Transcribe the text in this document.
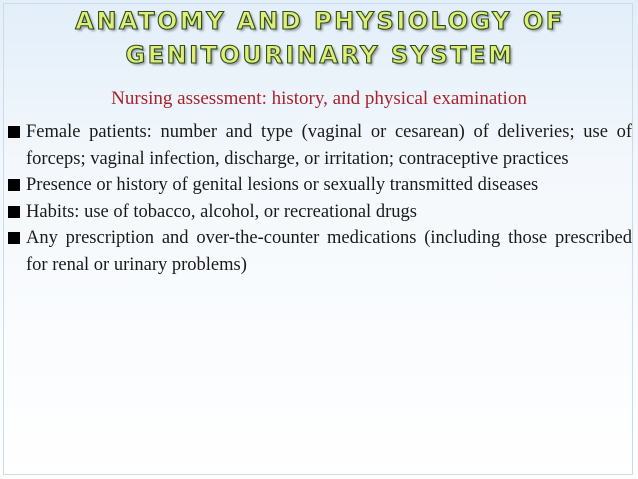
ANATOMY AND PHYSIOLOGY OF GENITOURINARY SYSTEM

Nursing assessment: history, and physical examination

Female patients: number and type (vaginal or cesarean) of deliveries; use of forceps; vaginal infection, discharge, or irritation; contraceptive practices
Presence or history of genital lesions or sexually transmitted diseases
Habits: use of tobacco, alcohol, or recreational drugs
Any prescription and over-the-counter medications (including those prescribed for renal or urinary problems)
